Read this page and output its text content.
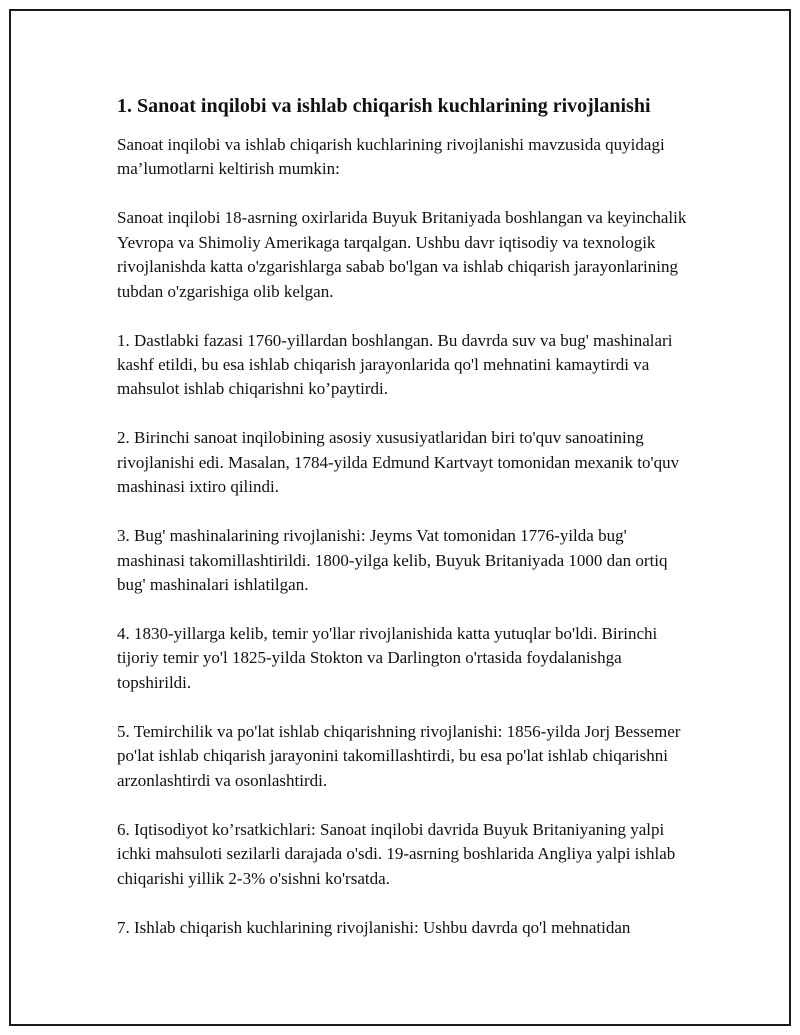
1. Sanoat inqilobi va ishlab chiqarish kuchlarining rivojlanishi

Sanoat inqilobi va ishlab chiqarish kuchlarining rivojlanishi mavzusida quyidagi ma’lumotlarni keltirish mumkin:

Sanoat inqilobi 18-asrning oxirlarida Buyuk Britaniyada boshlangan va keyinchalik Yevropa va Shimoliy Amerikaga tarqalgan. Ushbu davr iqtisodiy va texnologik rivojlanishda katta o'zgarishlarga sabab bo'lgan va ishlab chiqarish jarayonlarining tubdan o'zgarishiga olib kelgan.

1. Dastlabki fazasi 1760-yillardan boshlangan. Bu davrda suv va bug' mashinalari kashf etildi, bu esa ishlab chiqarish jarayonlarida qo'l mehnatini kamaytirdi va mahsulot ishlab chiqarishni ko’paytirdi.

2. Birinchi sanoat inqilobining asosiy xususiyatlaridan biri to'quv sanoatining rivojlanishi edi. Masalan, 1784-yilda Edmund Kartvayt tomonidan mexanik to'quv mashinasi ixtiro qilindi.

3. Bug' mashinalarining rivojlanishi: Jeyms Vat tomonidan 1776-yilda bug' mashinasi takomillashtirildi. 1800-yilga kelib, Buyuk Britaniyada 1000 dan ortiq bug' mashinalari ishlatilgan.

4. 1830-yillarga kelib, temir yo'llar rivojlanishida katta yutuqlar bo'ldi. Birinchi tijoriy temir yo'l 1825-yilda Stokton va Darlington o'rtasida foydalanishga topshirildi.

5. Temirchilik va po'lat ishlab chiqarishning rivojlanishi: 1856-yilda Jorj Bessemer po'lat ishlab chiqarish jarayonini takomillashtirdi, bu esa po'lat ishlab chiqarishni arzonlashtirdi va osonlashtirdi.

6. Iqtisodiyot ko’rsatkichlari: Sanoat inqilobi davrida Buyuk Britaniyaning yalpi ichki mahsuloti sezilarli darajada o'sdi. 19-asrning boshlarida Angliya yalpi ishlab chiqarishi yillik 2-3% o'sishni ko'rsatda.

7. Ishlab chiqarish kuchlarining rivojlanishi: Ushbu davrda qo'l mehnatidan
